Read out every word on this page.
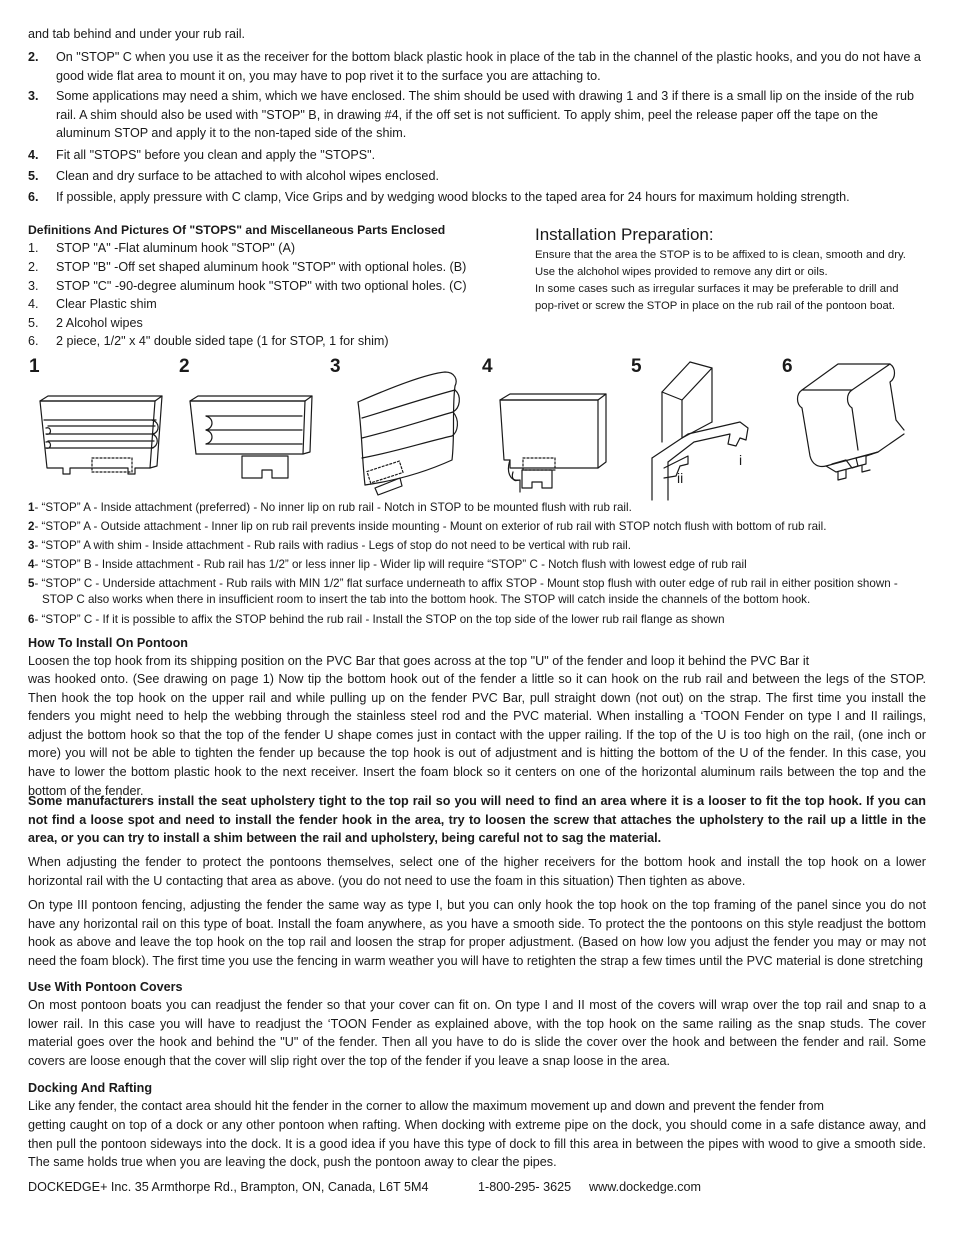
and tab behind and under your rub rail.
2. On "STOP" C when you use it as the receiver for the bottom black plastic hook in place of the tab in the channel of the plastic hooks, and you do not have a good wide flat area to mount it on, you may have to pop rivet it to the surface you are attaching to.
3. Some applications may need a shim, which we have enclosed. The shim should be used with drawing 1 and 3 if there is a small lip on the inside of the rub rail. A shim should also be used with "STOP" B, in drawing #4, if the off set is not sufficient. To apply shim, peel the release paper off the tape on the aluminum STOP and apply it to the non-taped side of the shim.
4. Fit all "STOPS" before you clean and apply the "STOPS".
5. Clean and dry surface to be attached to with alcohol wipes enclosed.
6. If possible, apply pressure with C clamp, Vice Grips and by wedging wood blocks to the taped area for 24 hours for maximum holding strength.
Definitions And Pictures Of "STOPS" and Miscellaneous Parts Enclosed
1. STOP "A" -Flat aluminum hook "STOP" (A)
2. STOP "B" -Off set shaped aluminum hook "STOP" with optional holes. (B)
3. STOP "C" -90-degree aluminum hook "STOP" with two optional holes. (C)
4. Clear Plastic shim
5. 2 Alcohol wipes
6. 2 piece, 1/2" x 4" double sided tape (1 for STOP, 1 for shim)
Installation Preparation:
Ensure that the area the STOP is to be affixed to is clean, smooth and dry.
Use the alchohol wipes provided to remove any dirt or oils.
In some cases such as irregular surfaces it may be preferable to drill and
pop-rivet or screw the STOP in place on the rub rail of the pontoon boat.
1	2	3	4	5	6
i
ii
1- “STOP” A - Inside attachment (preferred) - No inner lip on rub rail - Notch in STOP to be mounted flush with rub rail.
2- “STOP” A - Outside attachment - Inner lip on rub rail prevents inside mounting - Mount on exterior of rub rail with STOP notch flush with bottom of rub rail.
3- “STOP” A with shim - Inside attachment - Rub rails with radius - Legs of stop do not need to be vertical with rub rail.
4- “STOP” B - Inside attachment - Rub rail has 1/2” or less inner lip - Wider lip will require “STOP” C - Notch flush with lowest edge of rub rail
5- “STOP” C - Underside attachment - Rub rails with MIN 1/2” flat surface underneath to affix STOP - Mount stop flush with outer edge of rub rail in either position shown -
STOP C also works when there in insufficient room to insert the tab into the bottom hook. The STOP will catch inside the channels of the bottom hook.
6- “STOP” C - If it is possible to affix the STOP behind the rub rail - Install the STOP on the top side of the lower rub rail flange as shown
How To Install On Pontoon
Loosen the top hook from its shipping position on the PVC Bar that goes across at the top "U" of the fender and loop it behind the PVC Bar it
was hooked onto. (See drawing on page 1) Now tip the bottom hook out of the fender a little so it can hook on the rub rail and between the legs of the STOP. Then hook the top hook on the upper rail and while pulling up on the fender PVC Bar, pull straight down (not out) on the strap. The first time you install the fenders you might need to help the webbing through the stainless steel rod and the PVC material. When installing a ‘TOON Fender on type I and II railings, adjust the bottom hook so that the top of the fender U shape comes just in contact with the upper railing. If the top of the U is too high on the rail, (one inch or more) you will not be able to tighten the fender up because the top hook is out of adjustment and is hitting the bottom of the U of the fender. In this case, you have to lower the bottom plastic hook to the next receiver. Insert the foam block so it centers on one of the horizontal aluminum rails between the top and the bottom of the fender.
Some manufacturers install the seat upholstery tight to the top rail so you will need to find an area where it is a looser to fit the top hook. If you can not find a loose spot and need to install the fender hook in the area, try to loosen the screw that attaches the upholstery to the rail up a little in the area, or you can try to install a shim between the rail and upholstery, being careful not to sag the material.
When adjusting the fender to protect the pontoons themselves, select one of the higher receivers for the bottom hook and install the top hook on a lower horizontal rail with the U contacting that area as above. (you do not need to use the foam in this situation) Then tighten as above.
On type III pontoon fencing, adjusting the fender the same way as type I, but you can only hook the top hook on the top framing of the panel since you do not have any horizontal rail on this type of boat. Install the foam anywhere, as you have a smooth side. To protect the the pontoons on this style readjust the bottom hook as above and leave the top hook on the top rail and loosen the strap for proper adjustment. (Based on how low you adjust the fender you may or may not need the foam block). The first time you use the fencing in warm weather you will have to retighten the strap a few times until the PVC material is done stretching
Use With Pontoon Covers
On most pontoon boats you can readjust the fender so that your cover can fit on. On type I and II most of the covers will wrap over the top rail and snap to a lower rail. In this case you will have to readjust the ‘TOON Fender as explained above, with the top hook on the same railing as the snap studs. The cover material goes over the hook and behind the "U" of the fender. Then all you have to do is slide the cover over the hook and between the fender and rail. Some covers are loose enough that the cover will slip right over the top of the fender if you leave a snap loose in the area.
Docking And Rafting
Like any fender, the contact area should hit the fender in the corner to allow the maximum movement up and down and prevent the fender from
getting caught on top of a dock or any other pontoon when rafting. When docking with extreme pipe on the dock, you should come in a safe distance away, and then pull the pontoon sideways into the dock. It is a good idea if you have this type of dock to fill this area in between the pipes with wood to give a smooth side. The same holds true when you are leaving the dock, push the pontoon away to clear the pipes.
DOCKEDGE+ Inc. 35 Armthorpe Rd., Brampton, ON, Canada, L6T 5M4	1-800-295- 3625 www.dockedge.com
